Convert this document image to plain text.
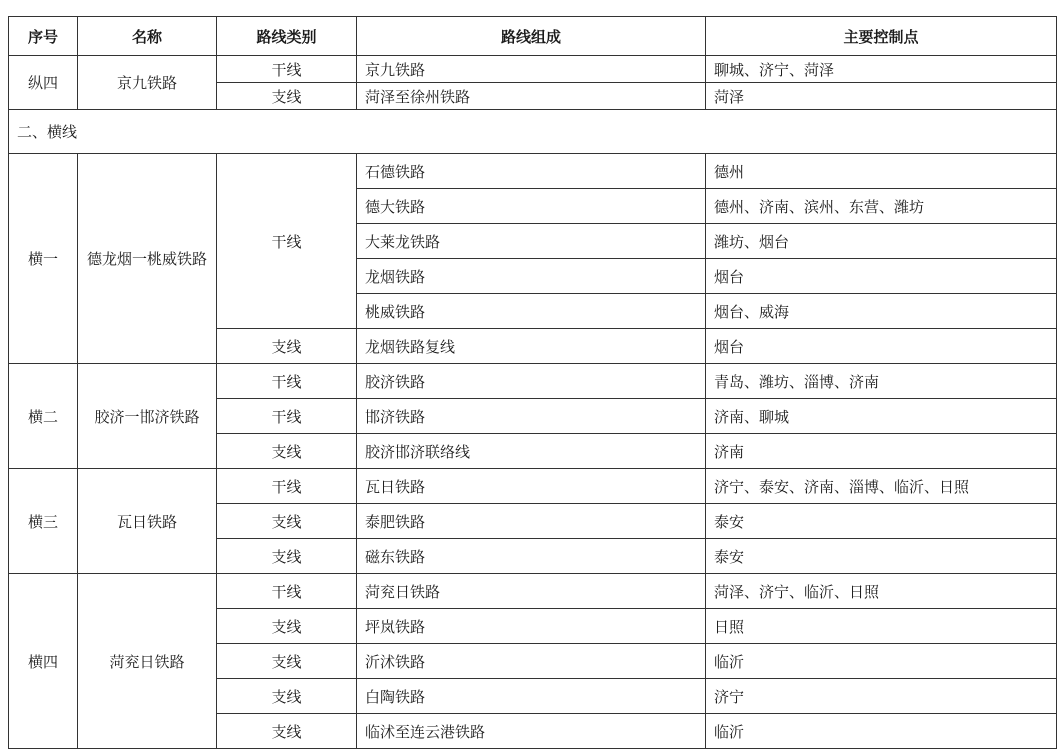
序号	名称	路线类别	路线组成	主要控制点
纵四	京九铁路	干线	京九铁路	聊城、济宁、菏泽
		支线	菏泽至徐州铁路	菏泽
二、横线				
横一	德龙烟一桃威铁路	干线	石德铁路	德州
			德大铁路	德州、济南、滨州、东营、潍坊
			大莱龙铁路	潍坊、烟台
			龙烟铁路	烟台
			桃威铁路	烟台、威海
		支线	龙烟铁路复线	烟台
横二	胶济一邯济铁路	干线	胶济铁路	青岛、潍坊、淄博、济南
		干线	邯济铁路	济南、聊城
		支线	胶济邯济联络线	济南
横三	瓦日铁路	干线	瓦日铁路	济宁、泰安、济南、淄博、临沂、日照
		支线	泰肥铁路	泰安
		支线	磁东铁路	泰安
横四	菏兖日铁路	干线	菏兖日铁路	菏泽、济宁、临沂、日照
		支线	坪岚铁路	日照
		支线	沂沭铁路	临沂
		支线	白陶铁路	济宁
		支线	临沭至连云港铁路	临沂
